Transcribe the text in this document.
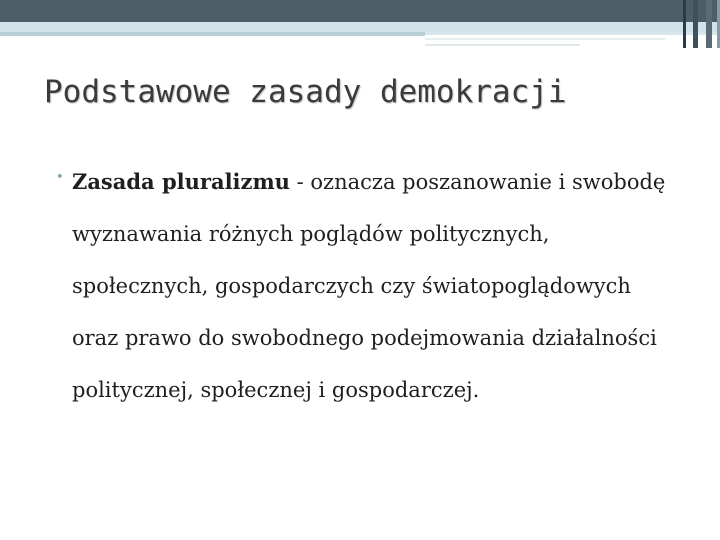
Podstawowe zasady demokracji
• Zasada pluralizmu - oznacza poszanowanie i swobodę wyznawania różnych poglądów politycznych, społecznych, gospodarczych czy światopoglądowych oraz prawo do swobodnego podejmowania działalności politycznej, społecznej i gospodarczej.
